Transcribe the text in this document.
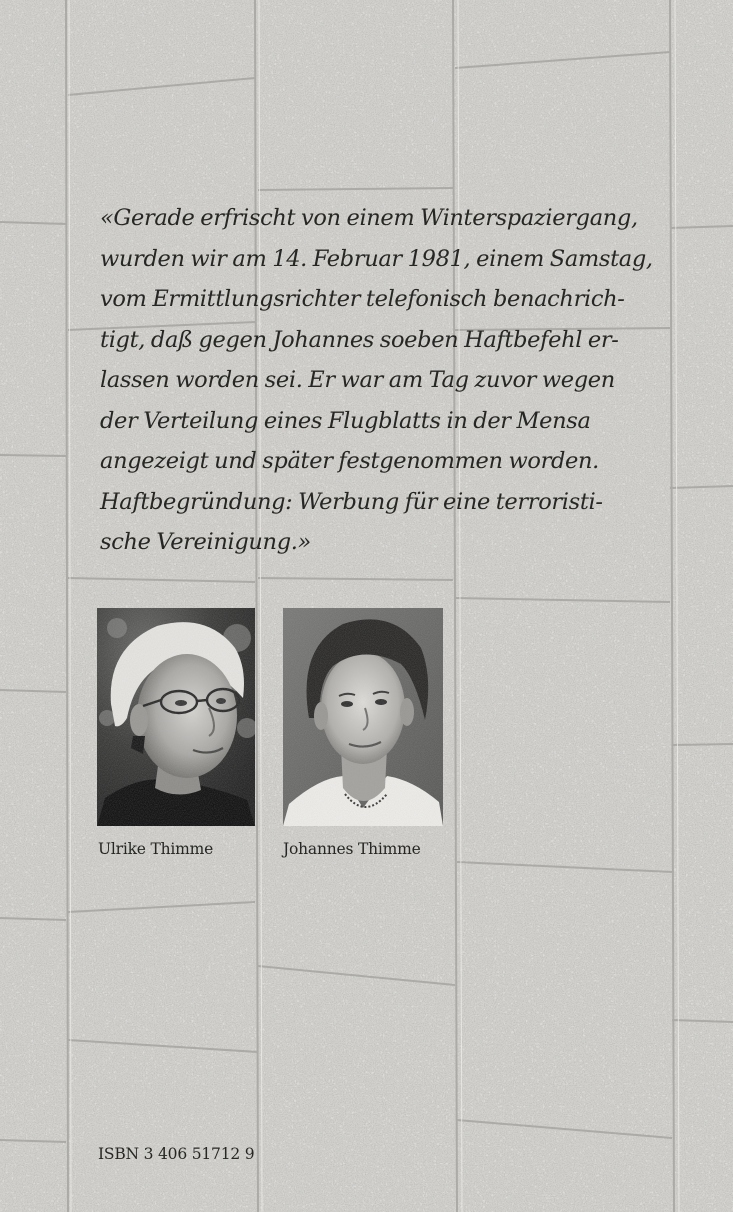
«Gerade erfrischt von einem Winterspaziergang,
wurden wir am 14. Februar 1981, einem Samstag,
vom Ermittlungsrichter telefonisch benachrich-
tigt, daß gegen Johannes soeben Haftbefehl er-
lassen worden sei. Er war am Tag zuvor wegen
der Verteilung eines Flugblatts in der Mensa
angezeigt und später festgenommen worden.
Haftbegründung: Werbung für eine terroristi-
sche Vereinigung.»
Ulrike Thimme	Johannes Thimme
ISBN 3 406 51712 9
